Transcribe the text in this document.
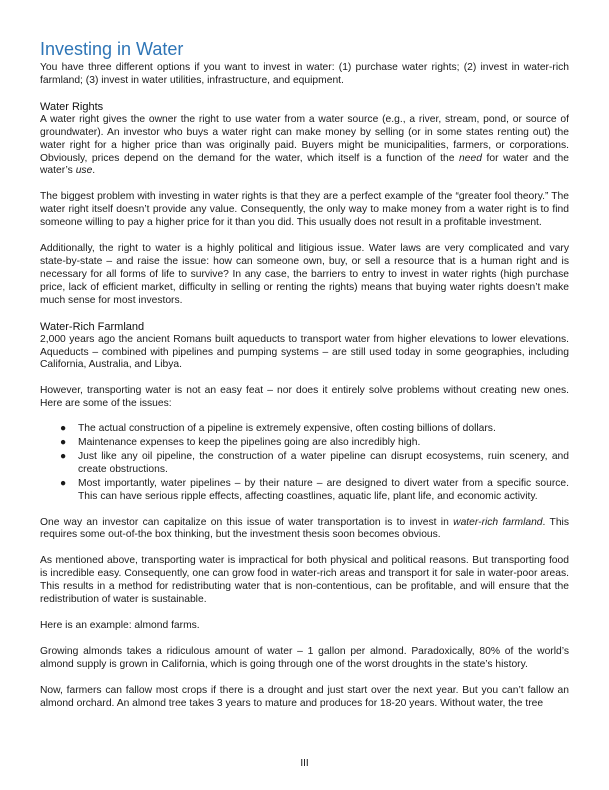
Investing in Water

You have three different options if you want to invest in water: (1) purchase water rights; (2) invest in water-rich farmland; (3) invest in water utilities, infrastructure, and equipment.

Water Rights

A water right gives the owner the right to use water from a water source (e.g., a river, stream, pond, or source of groundwater). An investor who buys a water right can make money by selling (or in some states renting out) the water right for a higher price than was originally paid. Buyers might be municipalities, farmers, or corporations. Obviously, prices depend on the demand for the water, which itself is a function of the need for water and the water’s use.

The biggest problem with investing in water rights is that they are a perfect example of the “greater fool theory.” The water right itself doesn’t provide any value. Consequently, the only way to make money from a water right is to find someone willing to pay a higher price for it than you did. This usually does not result in a profitable investment.

Additionally, the right to water is a highly political and litigious issue. Water laws are very complicated and vary state-by-state – and raise the issue: how can someone own, buy, or sell a resource that is a human right and is necessary for all forms of life to survive? In any case, the barriers to entry to invest in water rights (high purchase price, lack of efficient market, difficulty in selling or renting the rights) means that buying water rights doesn’t make much sense for most investors.

Water-Rich Farmland

2,000 years ago the ancient Romans built aqueducts to transport water from higher elevations to lower elevations. Aqueducts – combined with pipelines and pumping systems – are still used today in some geographies, including California, Australia, and Libya.

However, transporting water is not an easy feat – nor does it entirely solve problems without creating new ones. Here are some of the issues:

● The actual construction of a pipeline is extremely expensive, often costing billions of dollars.
● Maintenance expenses to keep the pipelines going are also incredibly high.
● Just like any oil pipeline, the construction of a water pipeline can disrupt ecosystems, ruin scenery, and create obstructions.
● Most importantly, water pipelines – by their nature – are designed to divert water from a specific source. This can have serious ripple effects, affecting coastlines, aquatic life, plant life, and economic activity.

One way an investor can capitalize on this issue of water transportation is to invest in water-rich farmland. This requires some out-of-the box thinking, but the investment thesis soon becomes obvious.

As mentioned above, transporting water is impractical for both physical and political reasons. But transporting food is incredible easy. Consequently, one can grow food in water-rich areas and transport it for sale in water-poor areas. This results in a method for redistributing water that is non-contentious, can be profitable, and will ensure that the redistribution of water is sustainable.

Here is an example: almond farms.

Growing almonds takes a ridiculous amount of water – 1 gallon per almond. Paradoxically, 80% of the world’s almond supply is grown in California, which is going through one of the worst droughts in the state’s history.

Now, farmers can fallow most crops if there is a drought and just start over the next year. But you can’t fallow an almond orchard. An almond tree takes 3 years to mature and produces for 18-20 years. Without water, the tree

III
